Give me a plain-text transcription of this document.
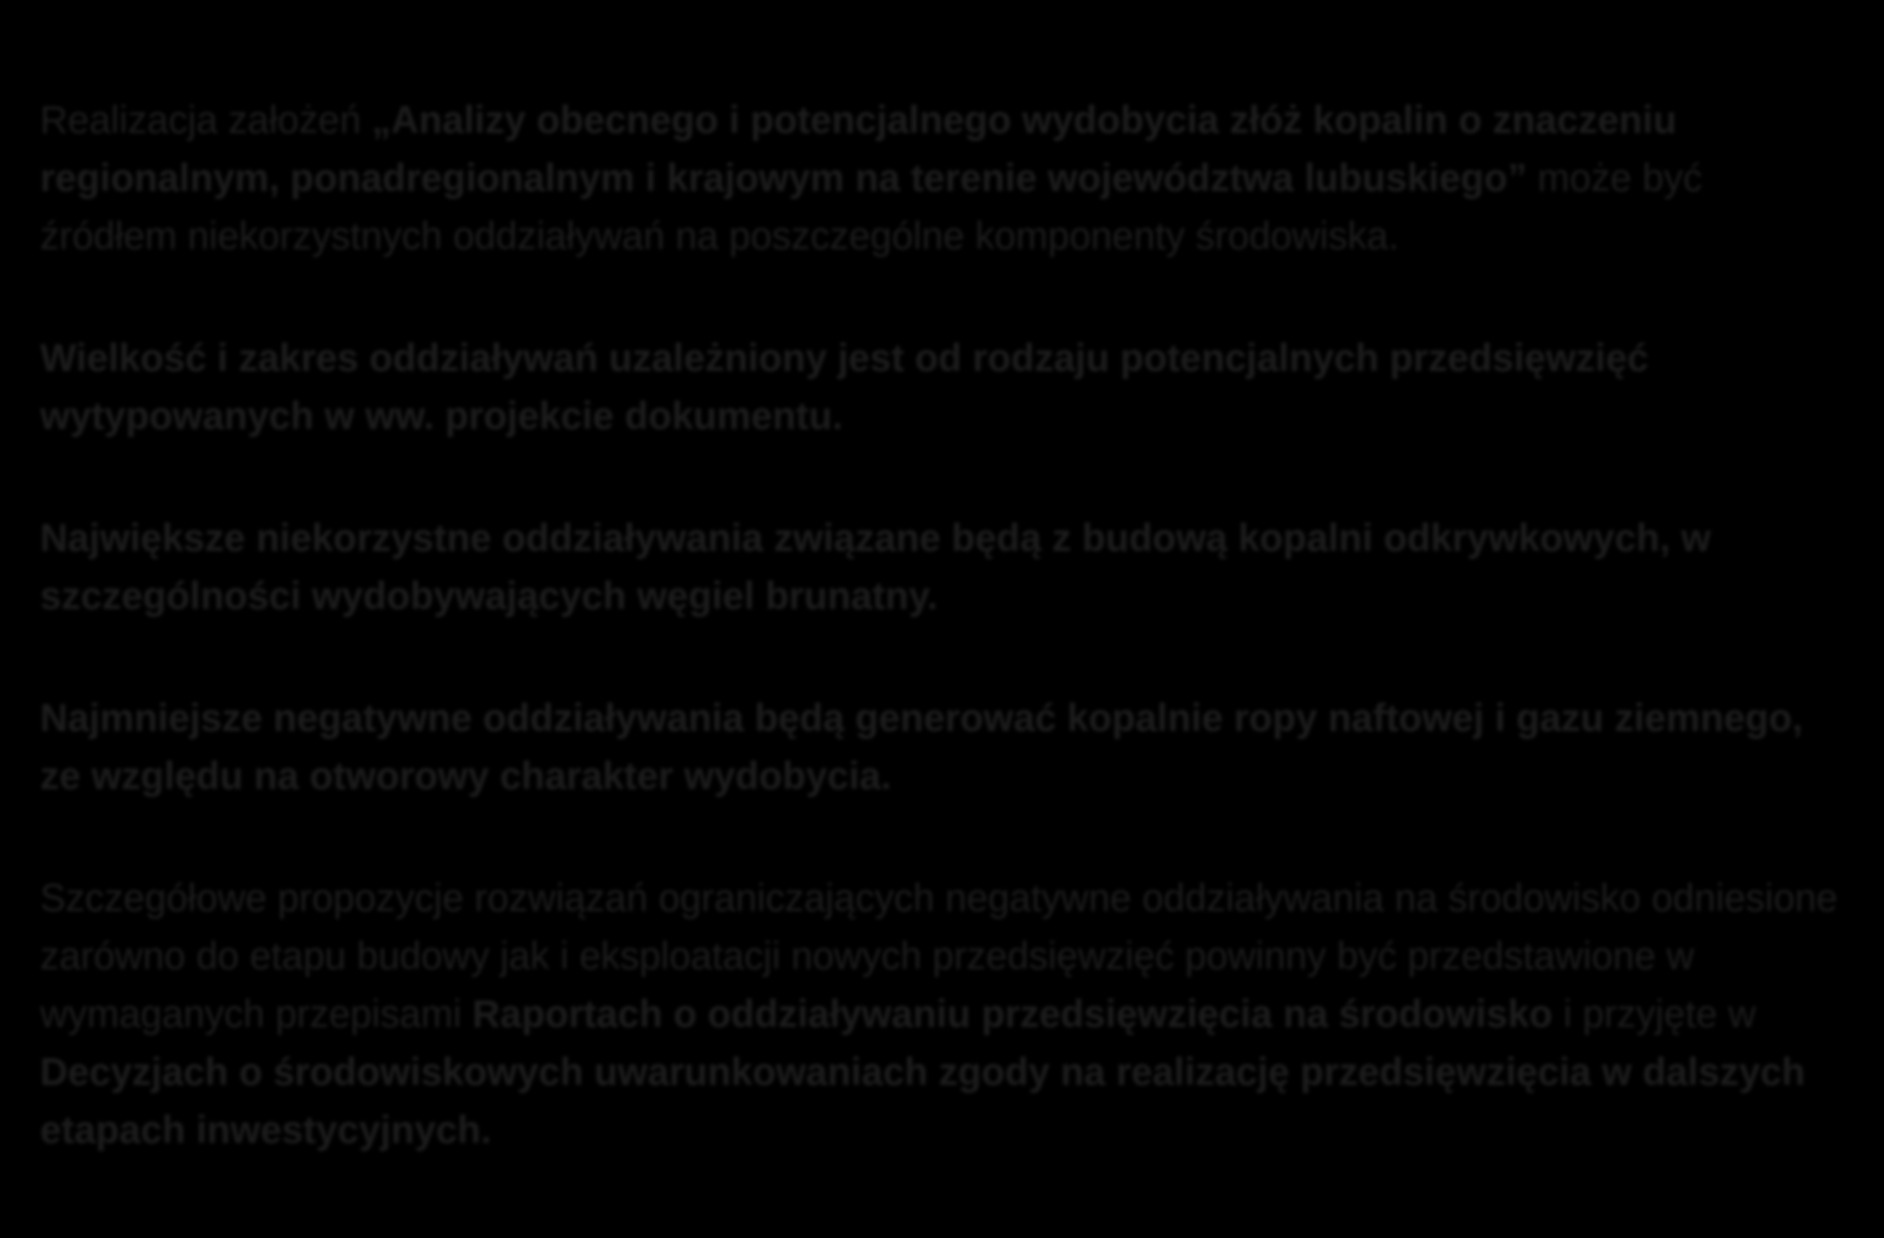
Realizacja założeń „Analizy obecnego i potencjalnego wydobycia złóż kopalin o znaczeniu regionalnym, ponadregionalnym i krajowym na terenie województwa lubuskiego” może być źródłem niekorzystnych oddziaływań na poszczególne komponenty środowiska.

Wielkość i zakres oddziaływań uzależniony jest od rodzaju potencjalnych przedsięwzięć wytypowanych w ww. projekcie dokumentu.

Największe niekorzystne oddziaływania związane będą z budową kopalni odkrywkowych, w szczególności wydobywających węgiel brunatny.

Najmniejsze negatywne oddziaływania będą generować kopalnie ropy naftowej i gazu ziemnego, ze względu na otworowy charakter wydobycia.

Szczegółowe propozycje rozwiązań ograniczających negatywne oddziaływania na środowisko odniesione zarówno do etapu budowy jak i eksploatacji nowych przedsięwzięć powinny być przedstawione w wymaganych przepisami Raportach o oddziaływaniu przedsięwzięcia na środowisko i przyjęte w Decyzjach o środowiskowych uwarunkowaniach zgody na realizację przedsięwzięcia w dalszych etapach inwestycyjnych.
